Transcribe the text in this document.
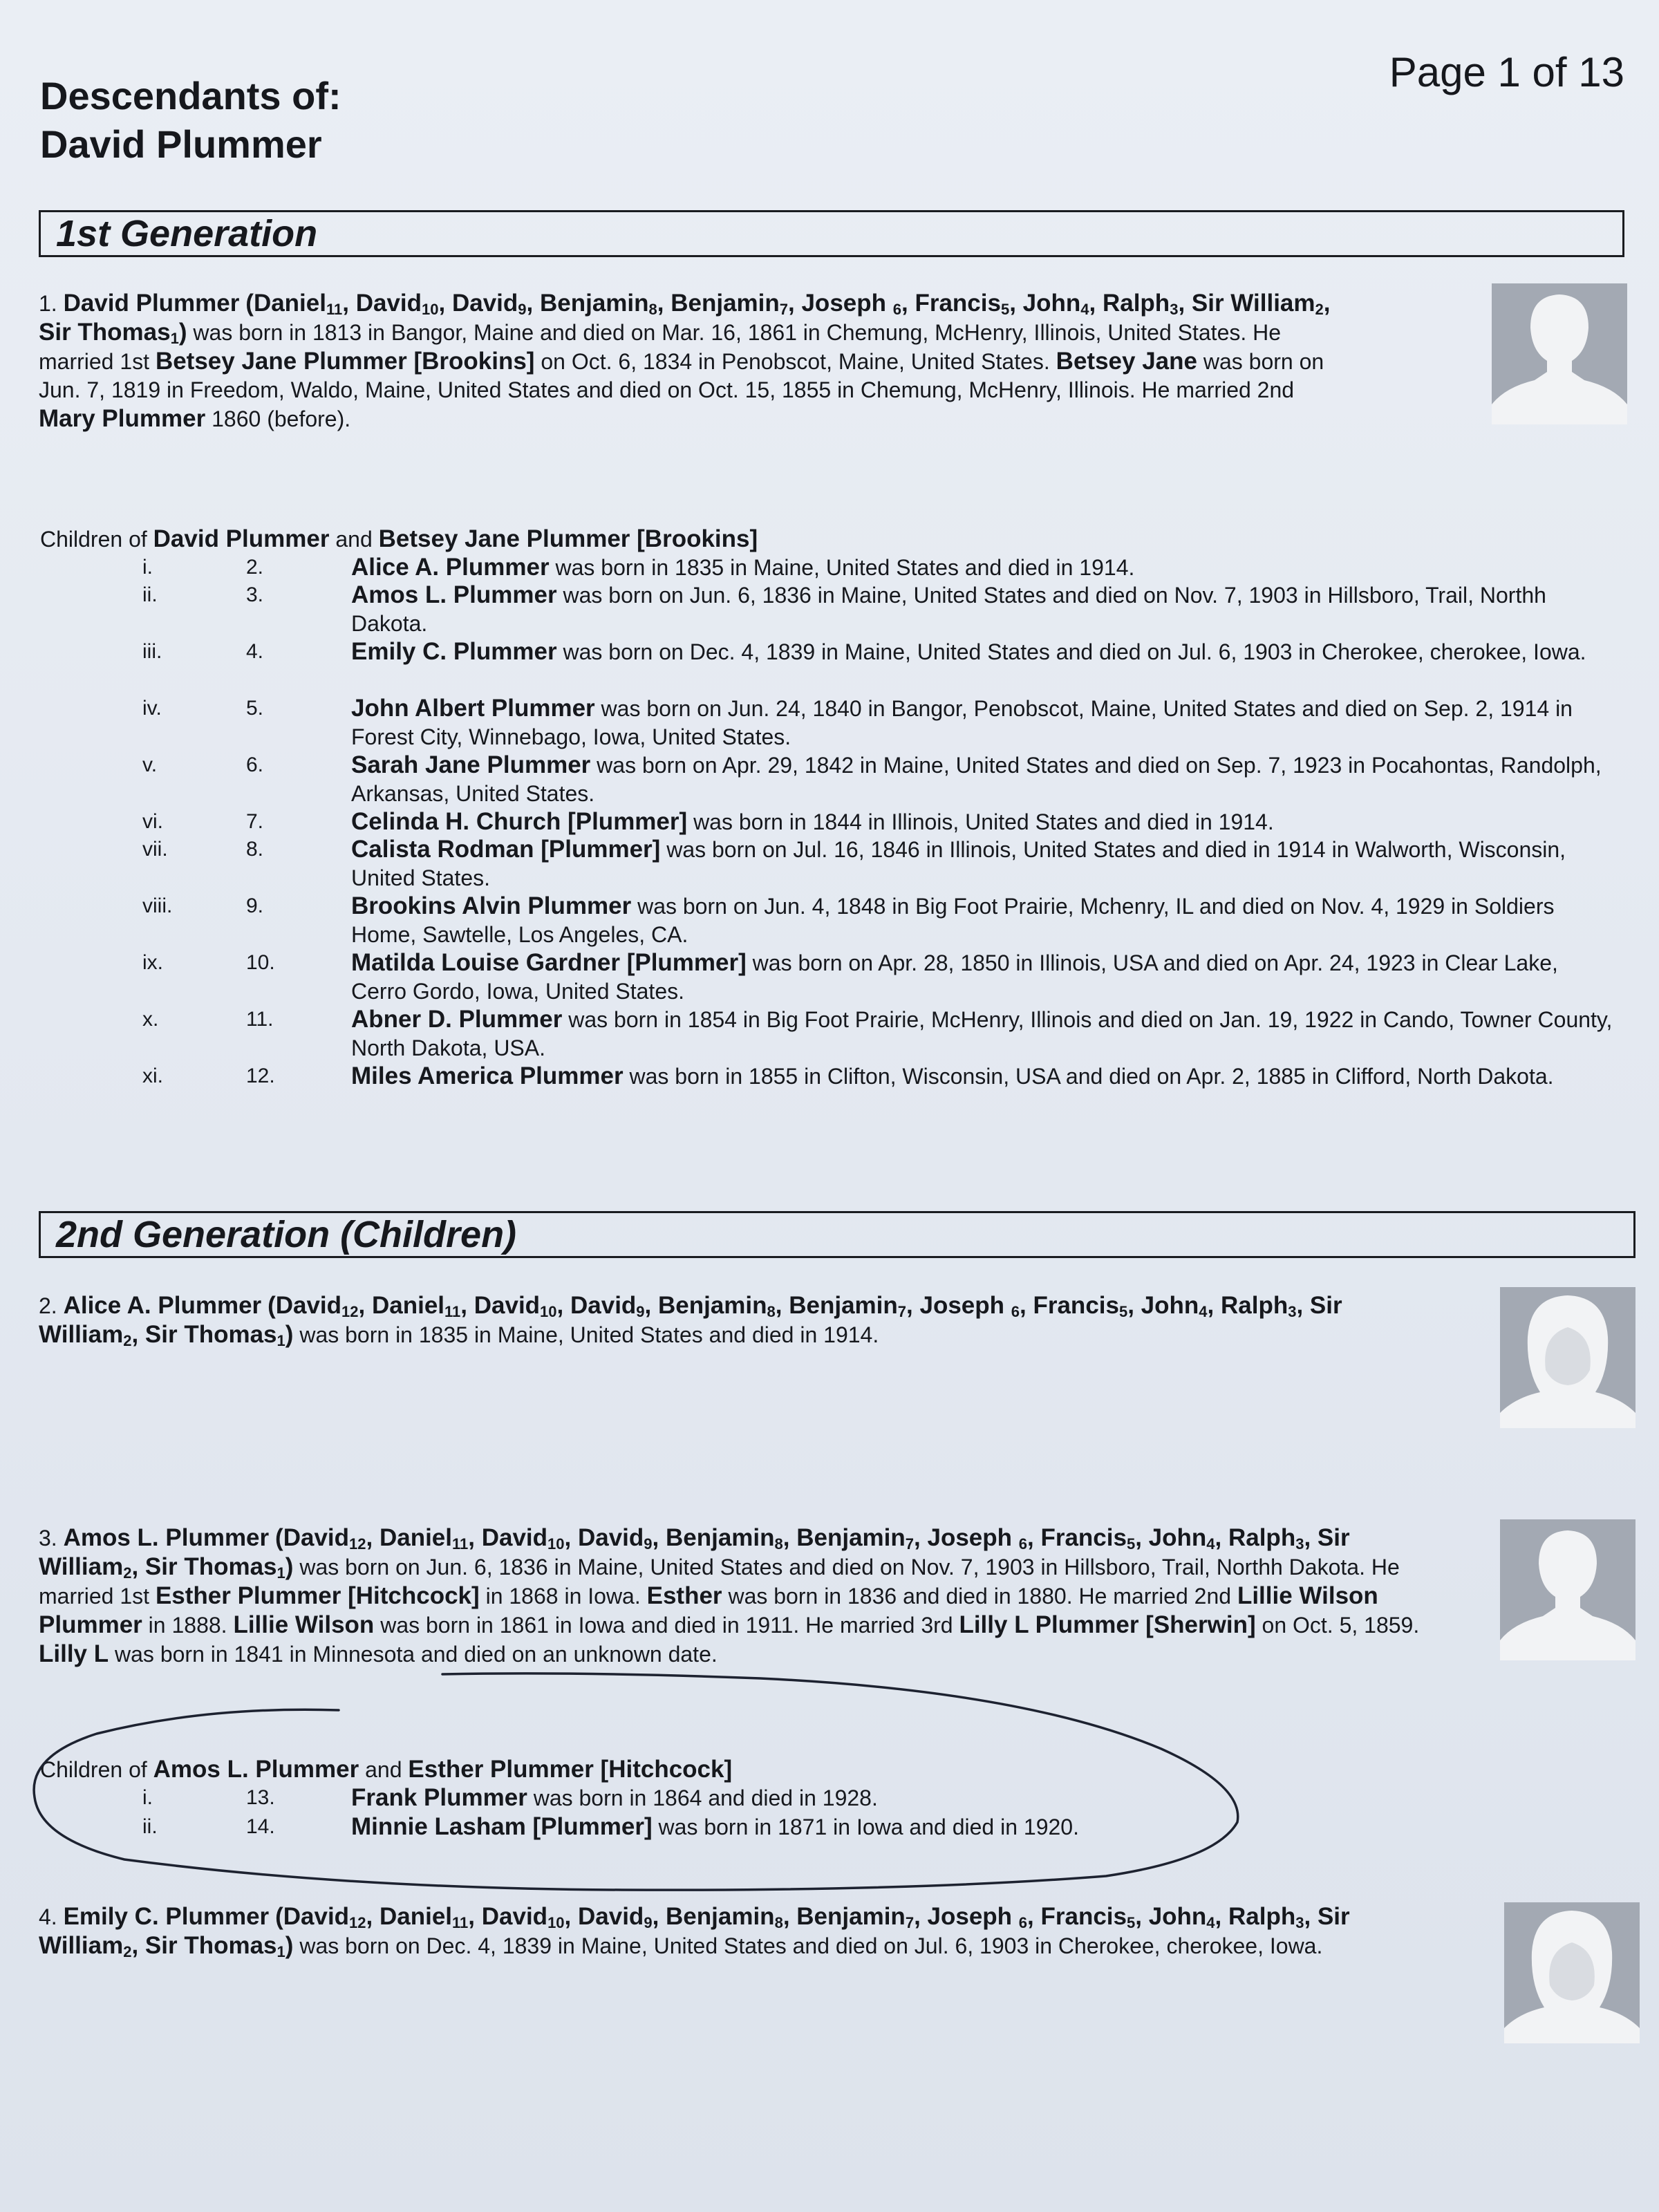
Descendants of:
David Plummer
Page 1 of 13
1st Generation
1. David Plummer (Daniel$_{11}$, David$_{10}$, David$_9$, Benjamin$_8$, Benjamin$_7$, Joseph $_6$, Francis$_5$, John$_4$, Ralph$_3$, Sir William$_2$, Sir Thomas$_1$) was born in 1813 in Bangor, Maine and died on Mar. 16, 1861 in Chemung, McHenry, Illinois, United States. He married 1st Betsey Jane Plummer [Brookins] on Oct. 6, 1834 in Penobscot, Maine, United States. Betsey Jane was born on Jun. 7, 1819 in Freedom, Waldo, Maine, United States and died on Oct. 15, 1855 in Chemung, McHenry, Illinois. He married 2nd Mary Plummer 1860 (before).
Children of David Plummer and Betsey Jane Plummer [Brookins]
i.	2.	Alice A. Plummer was born in 1835 in Maine, United States and died in 1914.
ii.	3.	Amos L. Plummer was born on Jun. 6, 1836 in Maine, United States and died on Nov. 7, 1903 in Hillsboro, Trail, Northh Dakota.
iii.	4.	Emily C. Plummer was born on Dec. 4, 1839 in Maine, United States and died on Jul. 6, 1903 in Cherokee, cherokee, Iowa.
iv.	5.	John Albert Plummer was born on Jun. 24, 1840 in Bangor, Penobscot, Maine, United States and died on Sep. 2, 1914 in Forest City, Winnebago, Iowa, United States.
v.	6.	Sarah Jane Plummer was born on Apr. 29, 1842 in Maine, United States and died on Sep. 7, 1923 in Pocahontas, Randolph, Arkansas, United States.
vi.	7.	Celinda H. Church [Plummer] was born in 1844 in Illinois, United States and died in 1914.
vii.	8.	Calista Rodman [Plummer] was born on Jul. 16, 1846 in Illinois, United States and died in 1914 in Walworth, Wisconsin, United States.
viii.	9.	Brookins Alvin Plummer was born on Jun. 4, 1848 in Big Foot Prairie, Mchenry, IL and died on Nov. 4, 1929 in Soldiers Home, Sawtelle, Los Angeles, CA.
ix.	10.	Matilda Louise Gardner [Plummer] was born on Apr. 28, 1850 in Illinois, USA and died on Apr. 24, 1923 in Clear Lake, Cerro Gordo, Iowa, United States.
x.	11.	Abner D. Plummer was born in 1854 in Big Foot Prairie, McHenry, Illinois and died on Jan. 19, 1922 in Cando, Towner County, North Dakota, USA.
xi.	12.	Miles America Plummer was born in 1855 in Clifton, Wisconsin, USA and died on Apr. 2, 1885 in Clifford, North Dakota.
2nd Generation (Children)
2. Alice A. Plummer (David$_{12}$, Daniel$_{11}$, David$_{10}$, David$_9$, Benjamin$_8$, Benjamin$_7$, Joseph $_6$, Francis$_5$, John$_4$, Ralph$_3$, Sir William$_2$, Sir Thomas$_1$) was born in 1835 in Maine, United States and died in 1914.
3. Amos L. Plummer (David$_{12}$, Daniel$_{11}$, David$_{10}$, David$_9$, Benjamin$_8$, Benjamin$_7$, Joseph $_6$, Francis$_5$, John$_4$, Ralph$_3$, Sir William$_2$, Sir Thomas$_1$) was born on Jun. 6, 1836 in Maine, United States and died on Nov. 7, 1903 in Hillsboro, Trail, Northh Dakota. He married 1st Esther Plummer [Hitchcock] in 1868 in Iowa. Esther was born in 1836 and died in 1880. He married 2nd Lillie Wilson Plummer in 1888. Lillie Wilson was born in 1861 in Iowa and died in 1911. He married 3rd Lilly L Plummer [Sherwin] on Oct. 5, 1859. Lilly L was born in 1841 in Minnesota and died on an unknown date.
Children of Amos L. Plummer and Esther Plummer [Hitchcock]
i.	13.	Frank Plummer was born in 1864 and died in 1928.
ii.	14.	Minnie Lasham [Plummer] was born in 1871 in Iowa and died in 1920.
4. Emily C. Plummer (David$_{12}$, Daniel$_{11}$, David$_{10}$, David$_9$, Benjamin$_8$, Benjamin$_7$, Joseph $_6$, Francis$_5$, John$_4$, Ralph$_3$, Sir William$_2$, Sir Thomas$_1$) was born on Dec. 4, 1839 in Maine, United States and died on Jul. 6, 1903 in Cherokee, cherokee, Iowa.
